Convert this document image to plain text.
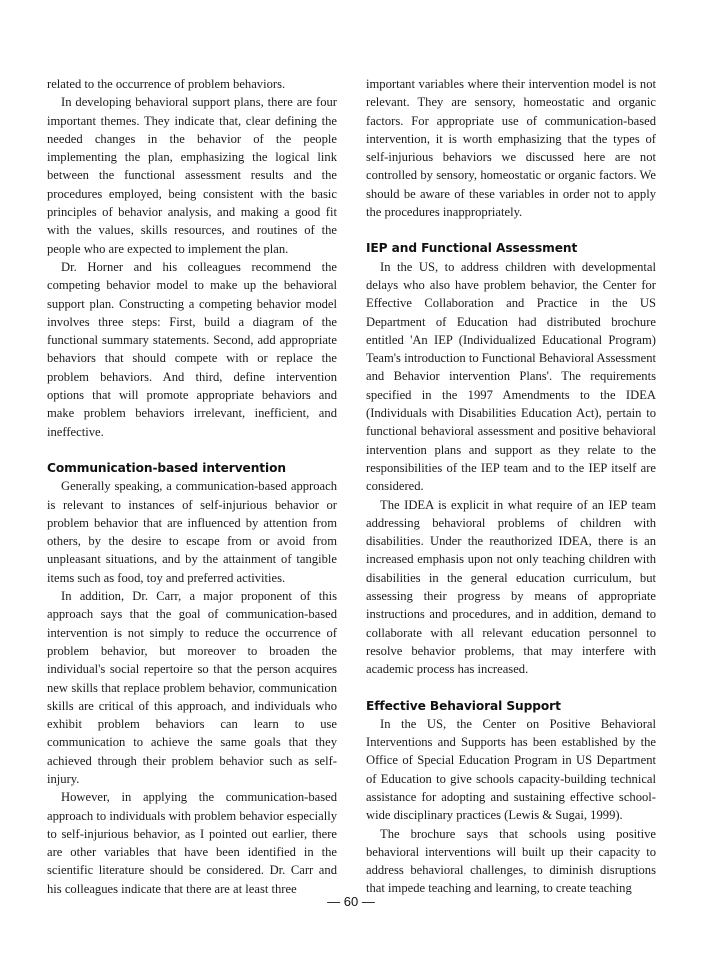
related to the occurrence of problem behaviors.

In developing behavioral support plans, there are four important themes. They indicate that, clear defining the needed changes in the behavior of the people implementing the plan, emphasizing the logical link between the functional assessment results and the procedures employed, being consistent with the basic principles of behavior analysis, and making a good fit with the values, skills resources, and routines of the people who are expected to implement the plan.

Dr. Horner and his colleagues recommend the competing behavior model to make up the behavioral support plan. Constructing a competing behavior model involves three steps: First, build a diagram of the functional summary statements. Second, add appropriate behaviors that should compete with or replace the problem behaviors. And third, define intervention options that will promote appropriate behaviors and make problem behaviors irrelevant, inefficient, and ineffective.

Communication-based intervention

Generally speaking, a communication-based approach is relevant to instances of self-injurious behavior or problem behavior that are influenced by attention from others, by the desire to escape from or avoid from unpleasant situations, and by the attainment of tangible items such as food, toy and preferred activities.

In addition, Dr. Carr, a major proponent of this approach says that the goal of communication-based intervention is not simply to reduce the occurrence of problem behavior, but moreover to broaden the individual's social repertoire so that the person acquires new skills that replace problem behavior, communication skills are critical of this approach, and individuals who exhibit problem behaviors can learn to use communication to achieve the same goals that they achieved through their problem behavior such as self-injury.

However, in applying the communication-based approach to individuals with problem behavior especially to self-injurious behavior, as I pointed out earlier, there are other variables that have been identified in the scientific literature should be considered. Dr. Carr and his colleagues indicate that there are at least three

important variables where their intervention model is not relevant. They are sensory, homeostatic and organic factors. For appropriate use of communication-based intervention, it is worth emphasizing that the types of self-injurious behaviors we discussed here are not controlled by sensory, homeostatic or organic factors. We should be aware of these variables in order not to apply the procedures inappropriately.

IEP and Functional Assessment

In the US, to address children with developmental delays who also have problem behavior, the Center for Effective Collaboration and Practice in the US Department of Education had distributed brochure entitled 'An IEP (Individualized Educational Program) Team's introduction to Functional Behavioral Assessment and Behavior intervention Plans'. The requirements specified in the 1997 Amendments to the IDEA (Individuals with Disabilities Education Act), pertain to functional behavioral assessment and positive behavioral intervention plans and support as they relate to the responsibilities of the IEP team and to the IEP itself are considered.

The IDEA is explicit in what require of an IEP team addressing behavioral problems of children with disabilities. Under the reauthorized IDEA, there is an increased emphasis upon not only teaching children with disabilities in the general education curriculum, but assessing their progress by means of appropriate instructions and procedures, and in addition, demand to collaborate with all relevant education personnel to resolve behavior problems, that may interfere with academic process has increased.

Effective Behavioral Support

In the US, the Center on Positive Behavioral Interventions and Supports has been established by the Office of Special Education Program in US Department of Education to give schools capacity-building technical assistance for adopting and sustaining effective school-wide disciplinary practices (Lewis & Sugai, 1999).

The brochure says that schools using positive behavioral interventions will built up their capacity to address behavioral challenges, to diminish disruptions that impede teaching and learning, to create teaching

— 60 —
